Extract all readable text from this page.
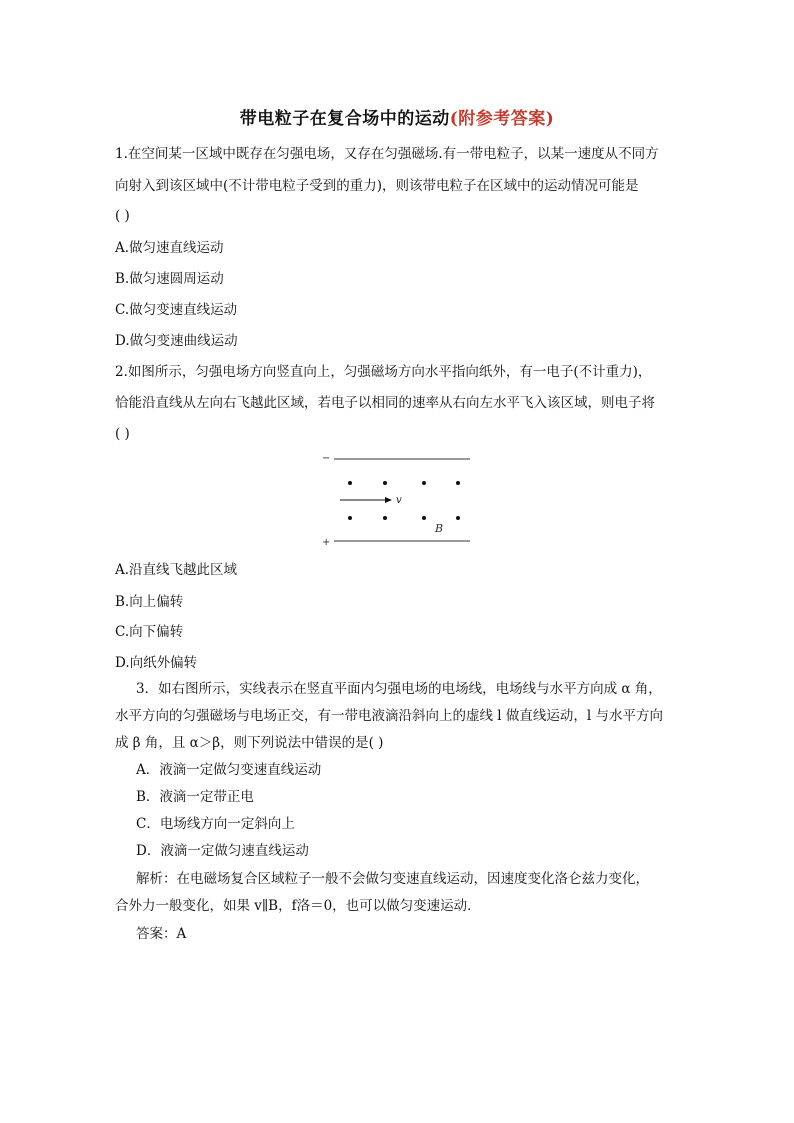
带电粒子在复合场中的运动(附参考答案)
1.在空间某一区域中既存在匀强电场，又存在匀强磁场.有一带电粒子，以某一速度从不同方
向射入到该区域中(不计带电粒子受到的重力)，则该带电粒子在区域中的运动情况可能是
( )
A.做匀速直线运动
B.做匀速圆周运动
C.做匀变速直线运动
D.做匀变速曲线运动
2.如图所示，匀强电场方向竖直向上，匀强磁场方向水平指向纸外，有一电子(不计重力)，
恰能沿直线从左向右飞越此区域，若电子以相同的速率从右向左水平飞入该区域，则电子将
( )
−
v
B
+
A.沿直线飞越此区域
B.向上偏转
C.向下偏转
D.向纸外偏转
3．如右图所示，实线表示在竖直平面内匀强电场的电场线，电场线与水平方向成 α 角，
水平方向的匀强磁场与电场正交，有一带电液滴沿斜向上的虚线 l 做直线运动，l 与水平方向
成 β 角，且 α＞β，则下列说法中错误的是( )
A．液滴一定做匀变速直线运动
B．液滴一定带正电
C．电场线方向一定斜向上
D．液滴一定做匀速直线运动
解析：在电磁场复合区域粒子一般不会做匀变速直线运动，因速度变化洛仑兹力变化，
合外力一般变化，如果 v∥B，f洛＝0，也可以做匀变速运动．
答案：A
